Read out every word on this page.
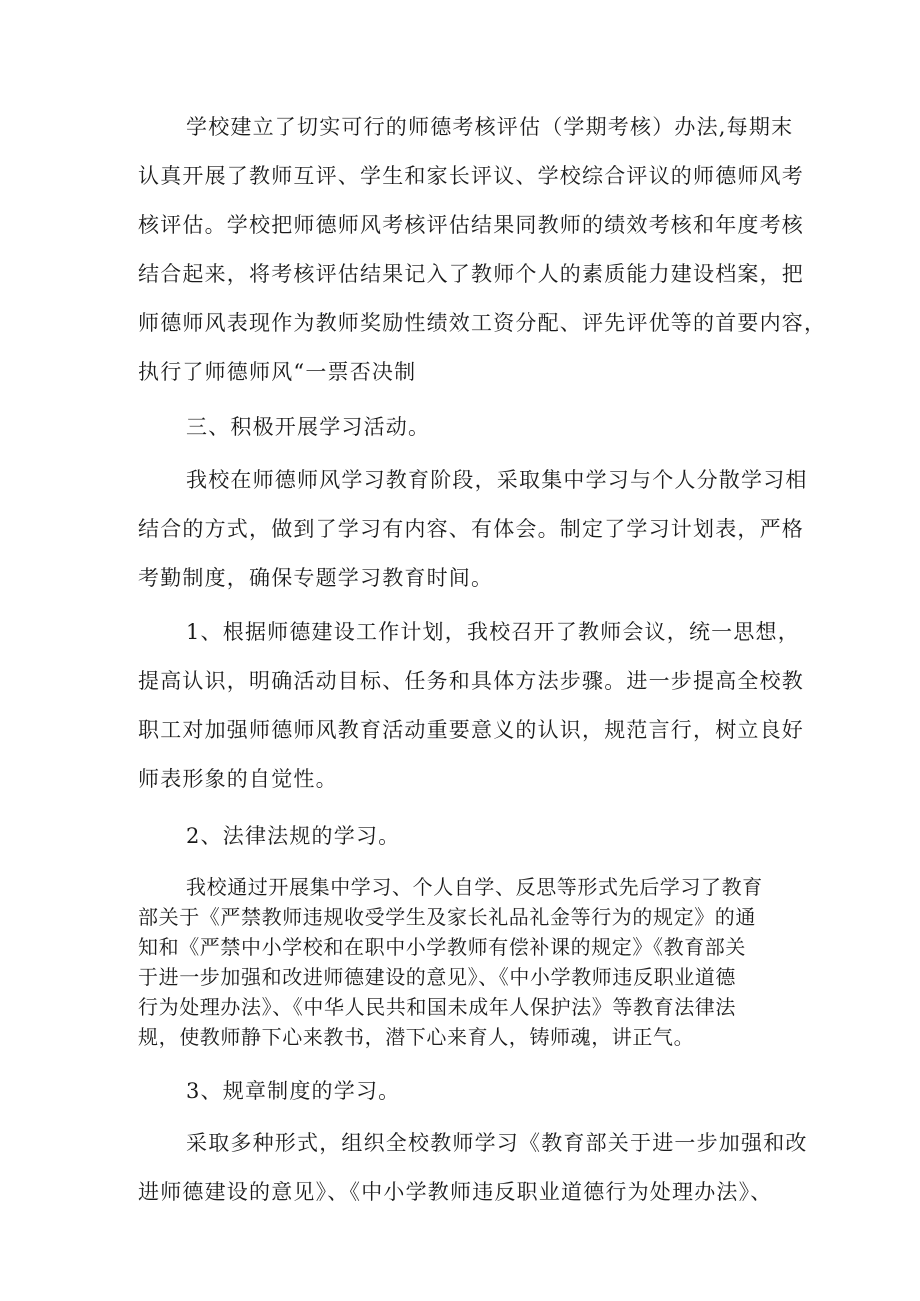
学校建立了切实可行的师德考核评估（学期考核）办法,每期末
认真开展了教师互评、学生和家长评议、学校综合评议的师德师风考
核评估。学校把师德师风考核评估结果同教师的绩效考核和年度考核
结合起来，将考核评估结果记入了教师个人的素质能力建设档案，把
师德师风表现作为教师奖励性绩效工资分配、评先评优等的首要内容，
执行了师德师风“一票否决制
三、积极开展学习活动。
我校在师德师风学习教育阶段，采取集中学习与个人分散学习相
结合的方式，做到了学习有内容、有体会。制定了学习计划表，严格
考勤制度，确保专题学习教育时间。
1、根据师德建设工作计划，我校召开了教师会议，统一思想，
提高认识，明确活动目标、任务和具体方法步骤。进一步提高全校教
职工对加强师德师风教育活动重要意义的认识，规范言行，树立良好
师表形象的自觉性。
2、法律法规的学习。
我校通过开展集中学习、个人自学、反思等形式先后学习了教育
部关于《严禁教师违规收受学生及家长礼品礼金等行为的规定》的通
知和《严禁中小学校和在职中小学教师有偿补课的规定》《教育部关
于进一步加强和改进师德建设的意见》、《中小学教师违反职业道德
行为处理办法》、《中华人民共和国未成年人保护法》等教育法律法
规，使教师静下心来教书，潜下心来育人，铸师魂，讲正气。
3、规章制度的学习。
采取多种形式，组织全校教师学习《教育部关于进一步加强和改
进师德建设的意见》、《中小学教师违反职业道德行为处理办法》、
